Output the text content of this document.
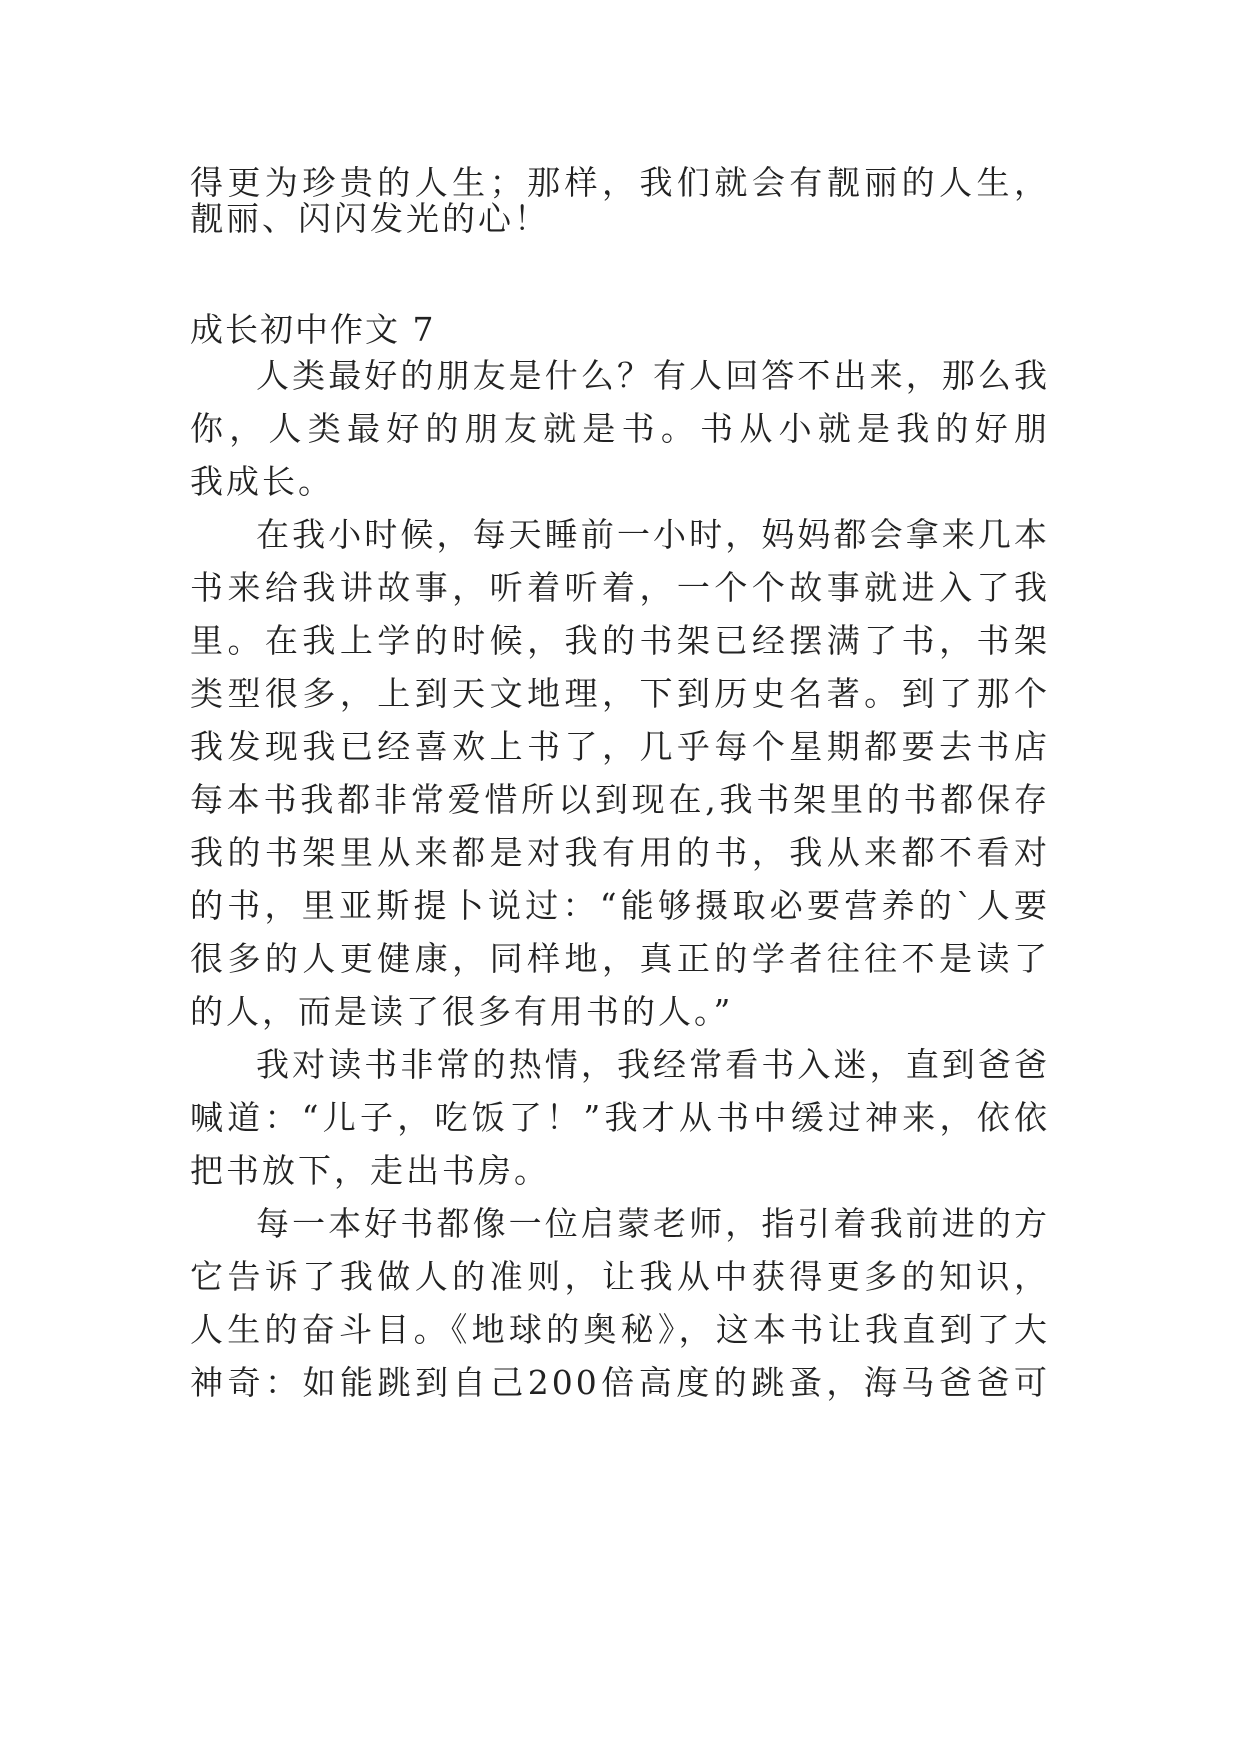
得更为珍贵的人生；那样，我们就会有靓丽的人生，
靓丽、闪闪发光的心！
成长初中作文 7
人类最好的朋友是什么？有人回答不出来，那么我
你，人类最好的朋友就是书。书从小就是我的好朋
我成长。
在我小时候，每天睡前一小时，妈妈都会拿来几本
书来给我讲故事，听着听着，一个个故事就进入了我
里。在我上学的时候，我的书架已经摆满了书，书架
类型很多，上到天文地理，下到历史名著。到了那个
我发现我已经喜欢上书了，几乎每个星期都要去书店
每本书我都非常爱惜所以到现在,我书架里的书都保存
我的书架里从来都是对我有用的书，我从来都不看对
的书，里亚斯提卜说过：“能够摄取必要营养的`人要
很多的人更健康，同样地，真正的学者往往不是读了
的人，而是读了很多有用书的人。”
我对读书非常的热情，我经常看书入迷，直到爸爸
喊道：“儿子，吃饭了！”我才从书中缓过神来，依依
把书放下，走出书房。
每一本好书都像一位启蒙老师，指引着我前进的方
它告诉了我做人的准则，让我从中获得更多的知识，
人生的奋斗目。《地球的奥秘》，这本书让我直到了大
神奇：如能跳到自己200倍高度的跳蚤，海马爸爸可
